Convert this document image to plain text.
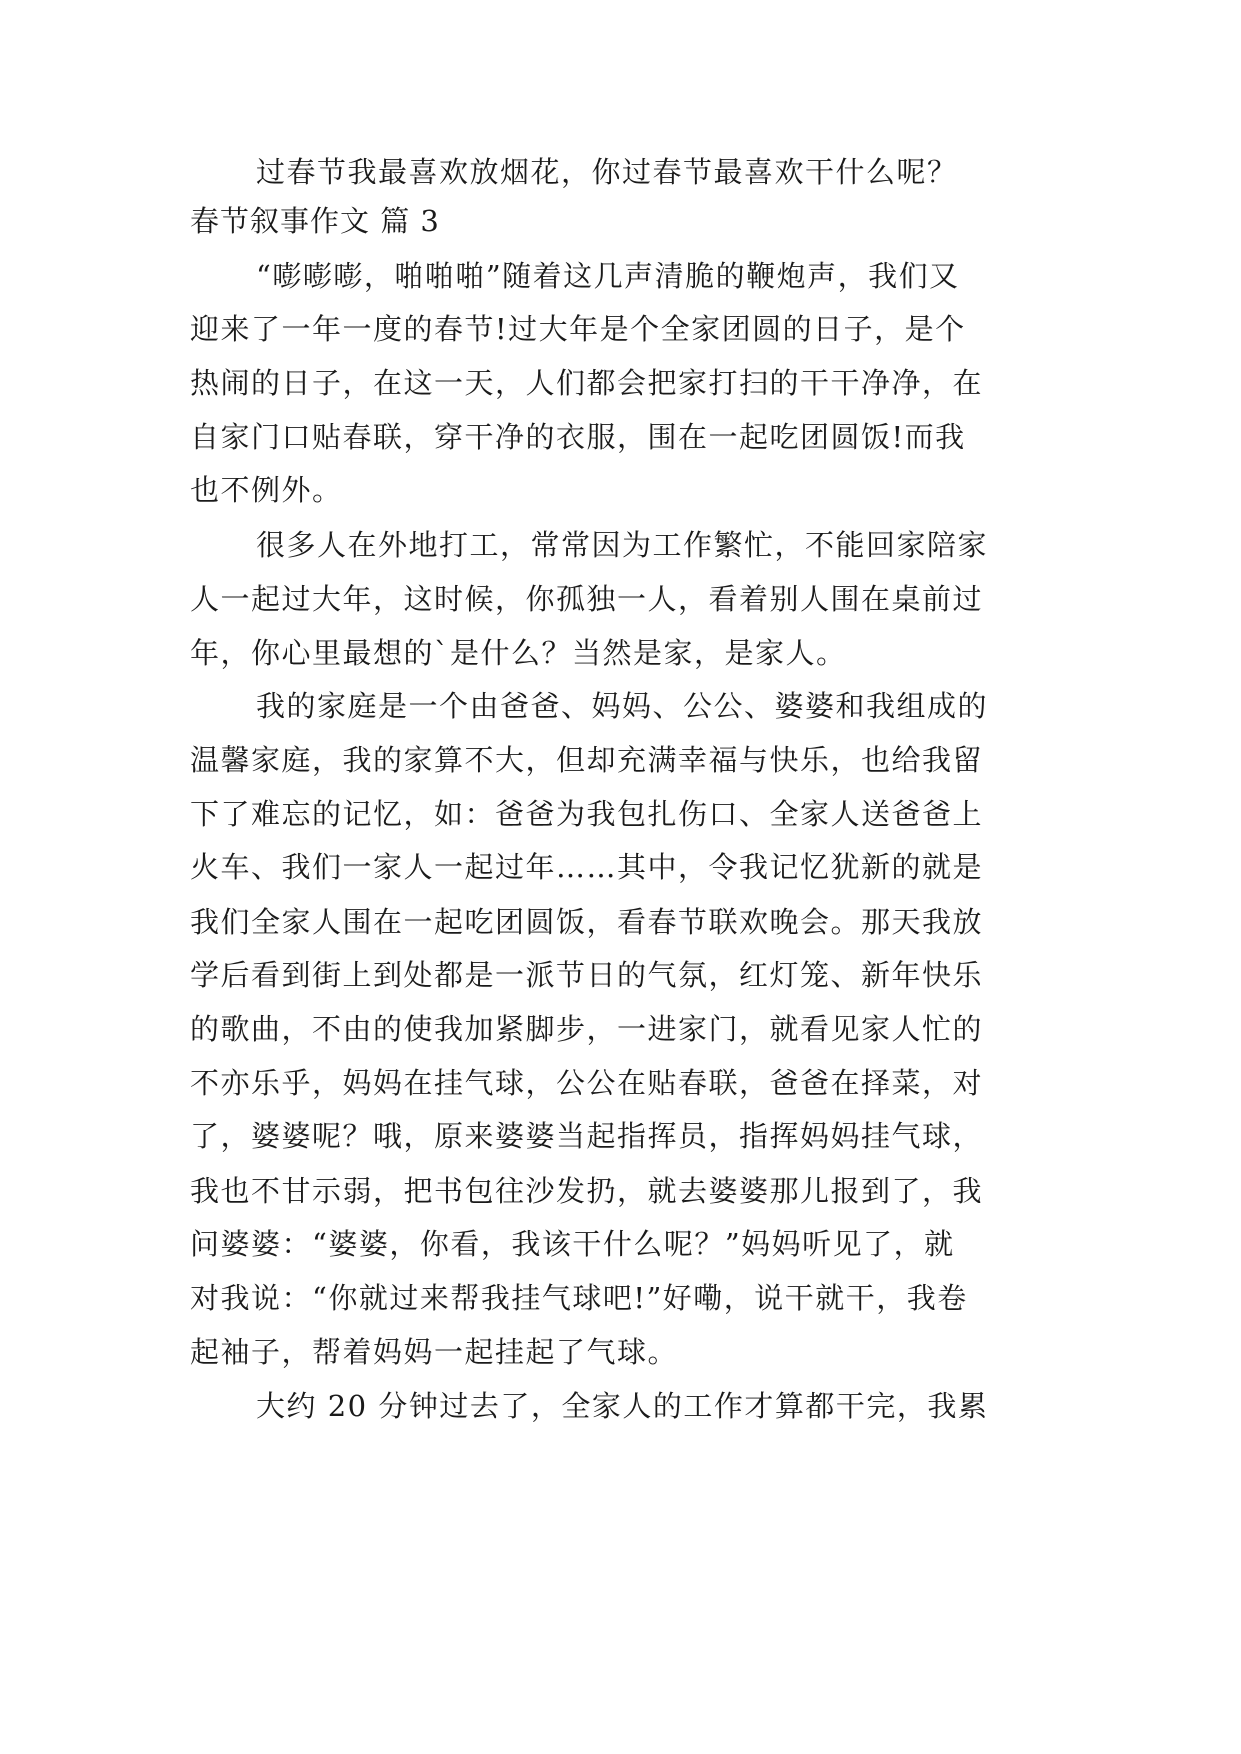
过春节我最喜欢放烟花，你过春节最喜欢干什么呢？
春节叙事作文 篇 3
“嘭嘭嘭，啪啪啪”随着这几声清脆的鞭炮声，我们又
迎来了一年一度的春节!过大年是个全家团圆的日子，是个
热闹的日子，在这一天，人们都会把家打扫的干干净净，在
自家门口贴春联，穿干净的衣服，围在一起吃团圆饭!而我
也不例外。
很多人在外地打工，常常因为工作繁忙，不能回家陪家
人一起过大年，这时候，你孤独一人，看着别人围在桌前过
年，你心里最想的`是什么？当然是家，是家人。
我的家庭是一个由爸爸、妈妈、公公、婆婆和我组成的
温馨家庭，我的家算不大，但却充满幸福与快乐，也给我留
下了难忘的记忆，如：爸爸为我包扎伤口、全家人送爸爸上
火车、我们一家人一起过年……其中，令我记忆犹新的就是
我们全家人围在一起吃团圆饭，看春节联欢晚会。那天我放
学后看到街上到处都是一派节日的气氛，红灯笼、新年快乐
的歌曲，不由的使我加紧脚步，一进家门，就看见家人忙的
不亦乐乎，妈妈在挂气球，公公在贴春联，爸爸在择菜，对
了，婆婆呢？哦，原来婆婆当起指挥员，指挥妈妈挂气球，
我也不甘示弱，把书包往沙发扔，就去婆婆那儿报到了，我
问婆婆：“婆婆，你看，我该干什么呢？”妈妈听见了，就
对我说：“你就过来帮我挂气球吧!”好嘞，说干就干，我卷
起袖子，帮着妈妈一起挂起了气球。
大约 20 分钟过去了，全家人的工作才算都干完，我累
